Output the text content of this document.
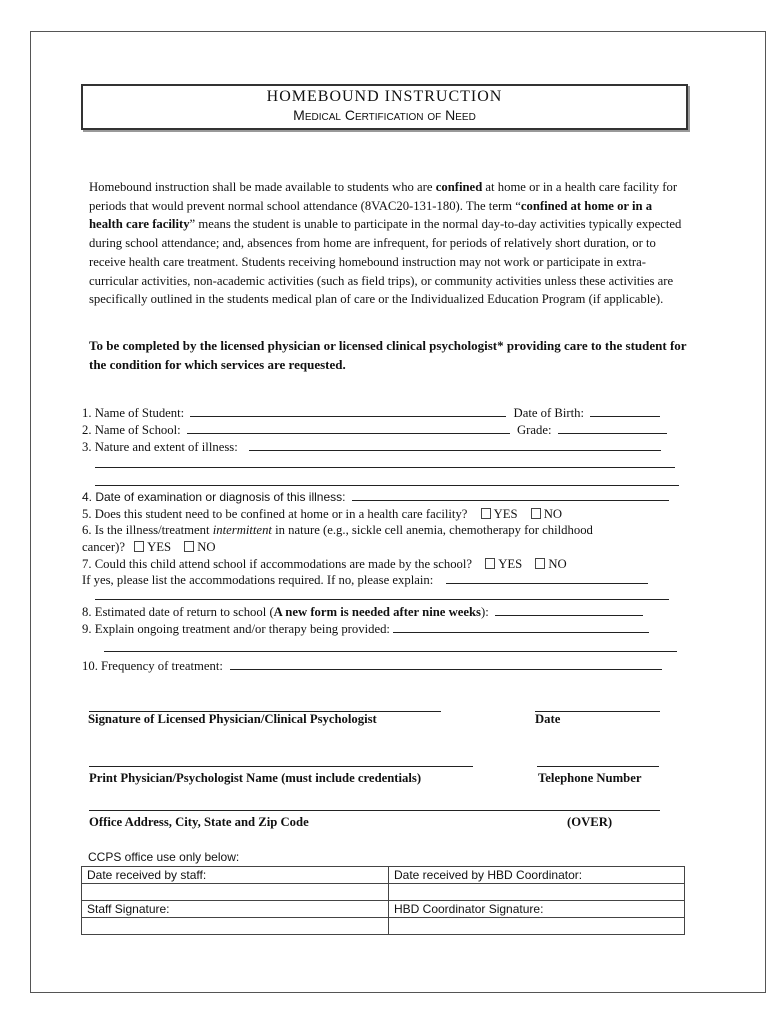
HOMEBOUND INSTRUCTION
Medical Certification of Need
Homebound instruction shall be made available to students who are confined at home or in a health care facility for periods that would prevent normal school attendance (8VAC20-131-180). The term “confined at home or in a health care facility” means the student is unable to participate in the normal day-to-day activities typically expected during school attendance; and, absences from home are infrequent, for periods of relatively short duration, or to receive health care treatment. Students receiving homebound instruction may not work or participate in extra-curricular activities, non-academic activities (such as field trips), or community activities unless these activities are specifically outlined in the students medical plan of care or the Individualized Education Program (if applicable).
To be completed by the licensed physician or licensed clinical psychologist* providing care to the student for the condition for which services are requested.
1. Name of Student:	Date of Birth:
2. Name of School:	Grade:
3. Nature and extent of illness:
4. Date of examination or diagnosis of this illness:
5. Does this student need to be confined at home or in a health care facility? YES NO
6. Is the illness/treatment intermittent in nature (e.g., sickle cell anemia, chemotherapy for childhood
cancer)? YES NO
7. Could this child attend school if accommodations are made by the school? YES NO
If yes, please list the accommodations required. If no, please explain:
8. Estimated date of return to school (A new form is needed after nine weeks):
9. Explain ongoing treatment and/or therapy being provided:
10. Frequency of treatment:
Signature of Licensed Physician/Clinical Psychologist	Date
Print Physician/Psychologist Name (must include credentials)	Telephone Number
Office Address, City, State and Zip Code	(OVER)
CCPS office use only below:
Date received by staff:	Date received by HBD Coordinator:

Staff Signature:	HBD Coordinator Signature:
